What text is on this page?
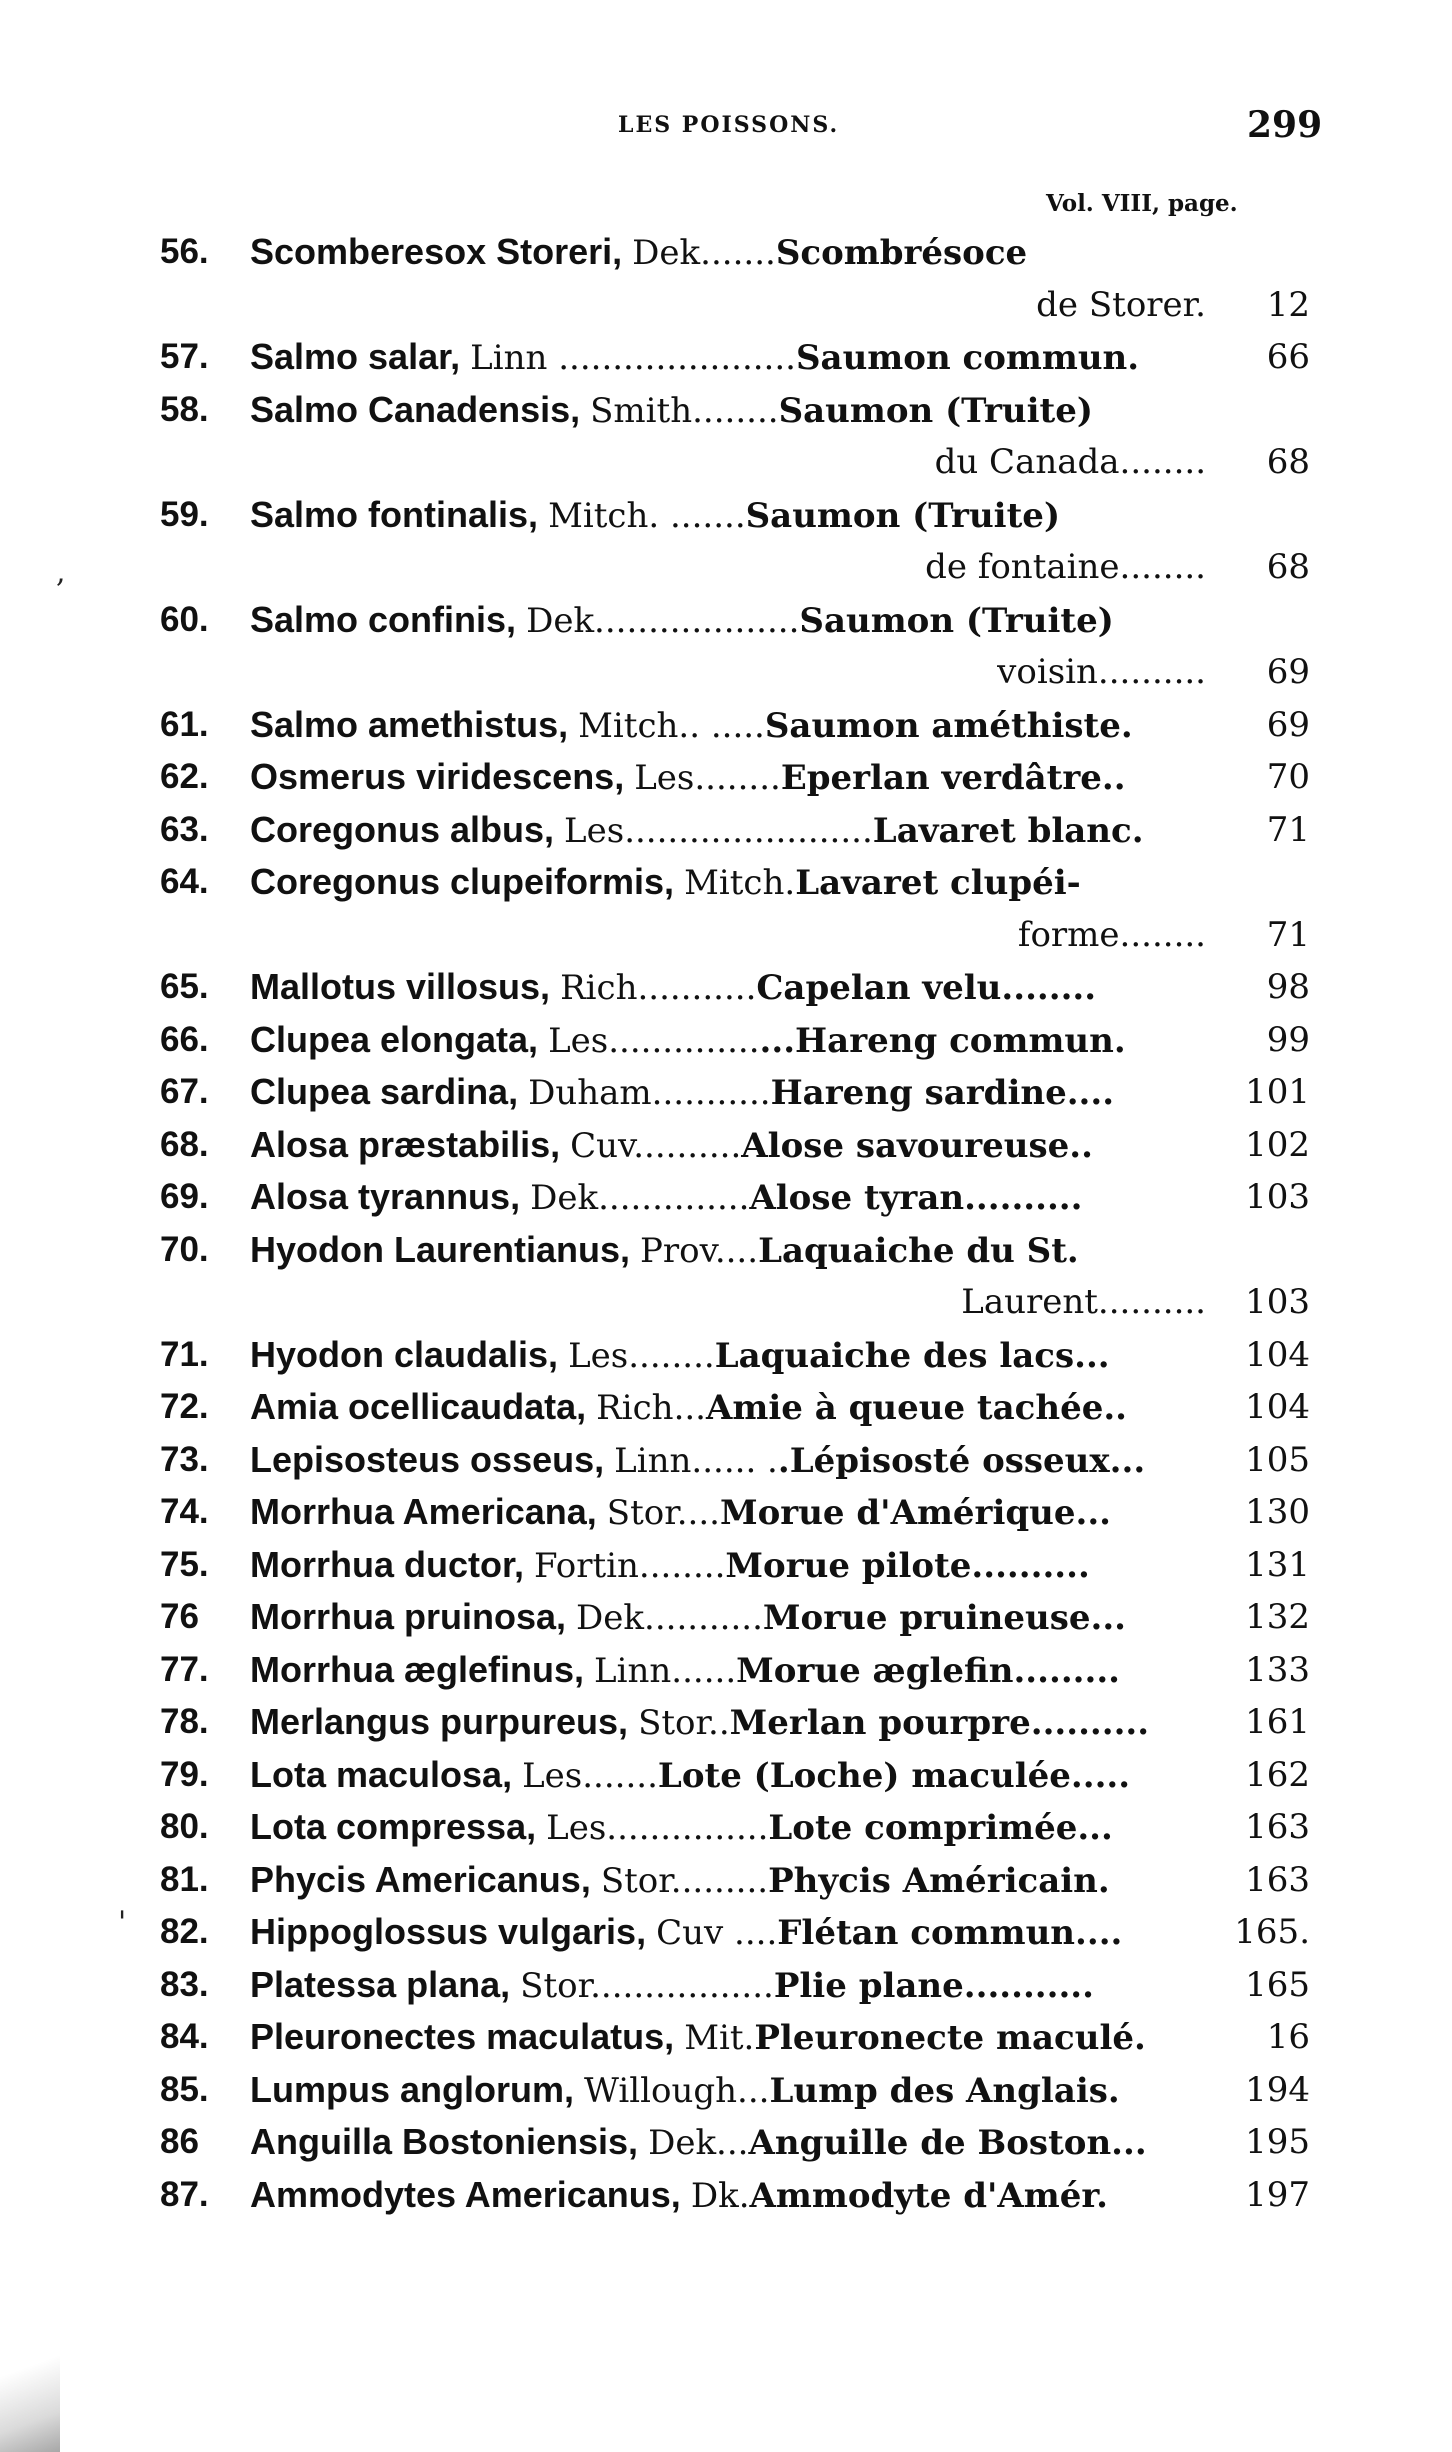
LES POISSONS.	299
Vol. VIII, page.
56. Scomberesox Storeri, Dek.......Scombrésoce
de Storer.	12
57. Salmo salar, Linn ......................Saumon commun.	66
58. Salmo Canadensis, Smith........Saumon (Truite)
du Canada........	68
59. Salmo fontinalis, Mitch. .......Saumon (Truite)
de fontaine........	68
60. Salmo confinis, Dek...................Saumon (Truite)
voisin..........	69
61. Salmo amethistus, Mitch.. .....Saumon améthiste.	69
62. Osmerus viridescens, Les........Eperlan verdâtre..	70
63. Coregonus albus, Les.......................Lavaret blanc.	71
64. Coregonus clupeiformis, Mitch.Lavaret clupéi-
forme........	71
65. Mallotus villosus, Rich...........Capelan velu........	98
66. Clupea elongata, Les.................Hareng commun.	99
67. Clupea sardina, Duham...........Hareng sardine....	101
68. Alosa præstabilis, Cuv..........Alose savoureuse..	102
69. Alosa tyrannus, Dek..............Alose tyran..........	103
70. Hyodon Laurentianus, Prov....Laquaiche du St.
Laurent..........	103
71. Hyodon claudalis, Les........Laquaiche des lacs...	104
72. Amia ocellicaudata, Rich...Amie à queue tachée..	104
73. Lepisosteus osseus, Linn...... ..Lépisosté osseux...	105
74. Morrhua Americana, Stor....Morue d'Amérique...	130
75. Morrhua ductor, Fortin........Morue pilote..........	131
76 Morrhua pruinosa, Dek...........Morue pruineuse...	132
77. Morrhua æglefinus, Linn......Morue æglefin.........	133
78. Merlangus purpureus, Stor..Merlan pourpre..........	161
79. Lota maculosa, Les.......Lote (Loche) maculée.....	162
80. Lota compressa, Les...............Lote comprimée...	163
81. Phycis Americanus, Stor.........Phycis Américain.	163
82. Hippoglossus vulgaris, Cuv ....Flétan commun....	165.
83. Platessa plana, Stor.................Plie plane...........	165
84. Pleuronectes maculatus, Mit.Pleuronecte maculé.	16
85. Lumpus anglorum, Willough...Lump des Anglais.	194
86 Anguilla Bostoniensis, Dek...Anguille de Boston...	195
87. Ammodytes Americanus, Dk.Ammodyte d'Amér.	197
,
'
